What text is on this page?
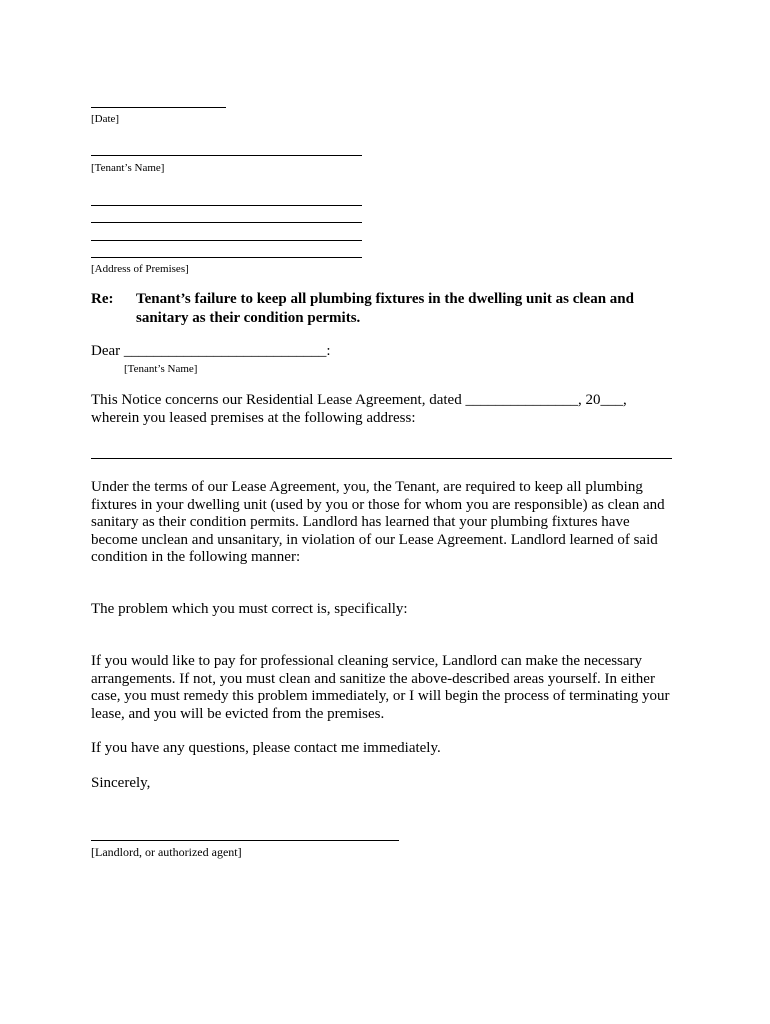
[Date]
[Tenant’s Name]
[Address of Premises]
Re: Tenant’s failure to keep all plumbing fixtures in the dwelling unit as clean and
sanitary as their condition permits.
Dear ___________________________:
[Tenant’s Name]
This Notice concerns our Residential Lease Agreement, dated _______________, 20___,
wherein you leased premises at the following address:
Under the terms of our Lease Agreement, you, the Tenant, are required to keep all plumbing
fixtures in your dwelling unit (used by you or those for whom you are responsible) as clean and
sanitary as their condition permits. Landlord has learned that your plumbing fixtures have
become unclean and unsanitary, in violation of our Lease Agreement. Landlord learned of said
condition in the following manner:
The problem which you must correct is, specifically:
If you would like to pay for professional cleaning service, Landlord can make the necessary
arrangements. If not, you must clean and sanitize the above-described areas yourself. In either
case, you must remedy this problem immediately, or I will begin the process of terminating your
lease, and you will be evicted from the premises.
If you have any questions, please contact me immediately.
Sincerely,
[Landlord, or authorized agent]
